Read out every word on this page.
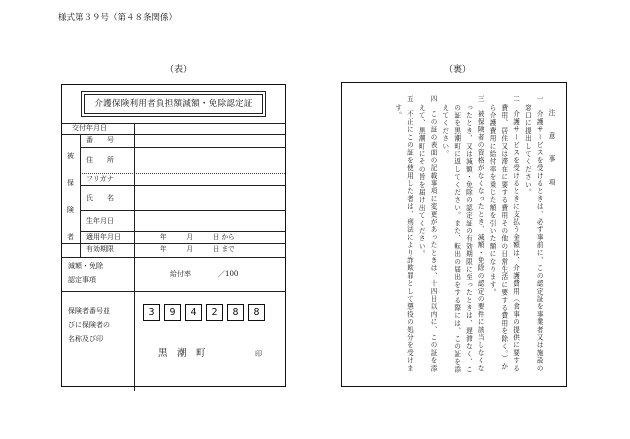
様式第３９号（第４８条関係）
（表）	（裏）
介護保険利用者負担額減額・免除認定証
交付年月日
被
保
険
者
番　　号
住　　所
フリガナ
氏　　名
生年月日
適用年月日	年　　　月　　　日 から
有効期限	年　　　月　　　日 まで
減額・免除
認定事項
給付率	／100
保険者番号並
びに保険者の
名称及び印
3	9	4	2	8	8
黒　潮　町	印

注　意　事　項

一　介護サービスを受けるときは、必ず事前に、この認定証を事業者又は施設の窓口に提出してください。

二　介護サービスを受けるときに支払う金額は、介護費用（食事の提供に要する費用、居住又は滞在に要する費用その他の日常生活に要する費用を除く。）から介護費用に給付率を乗じた額を引いた額になります。

三　被保険者の資格がなくなったとき、減額・免除の認定の要件に該当しなくなったとき、又は減額・免除の認定証の有効期限に至ったときは、遅滞なく、この証を黒潮町に返してください。また、転出の届出をする際には、この証を添えてください。

四　この証の表面の記載事項に変更があったときは、十四日以内に、この証を添えて、黒潮町にその旨を届け出てください。

五　不正にこの証を使用した者は、刑法により詐欺罪として懲役の処分を受けます。
